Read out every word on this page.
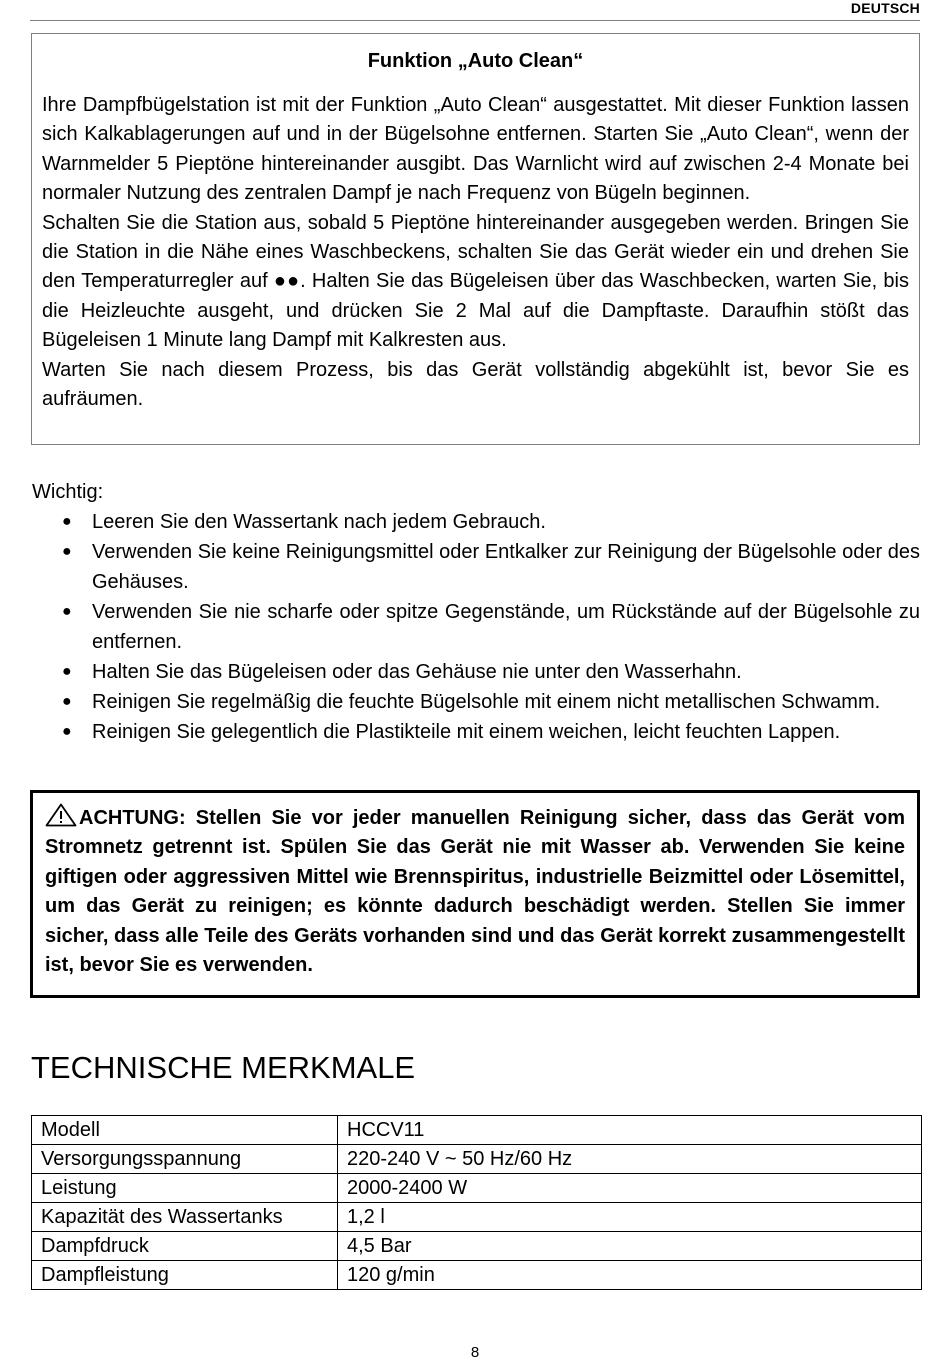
DEUTSCH
Funktion „Auto Clean“

Ihre Dampfbügelstation ist mit der Funktion „Auto Clean“ ausgestattet. Mit dieser Funktion lassen sich Kalkablagerungen auf und in der Bügelsohne entfernen. Starten Sie „Auto Clean“, wenn der Warnmelder 5 Pieptöne hintereinander ausgibt. Das Warnlicht wird auf zwischen 2-4 Monate bei normaler Nutzung des zentralen Dampf je nach Frequenz von Bügeln beginnen.

Schalten Sie die Station aus, sobald 5 Pieptöne hintereinander ausgegeben werden. Bringen Sie die Station in die Nähe eines Waschbeckens, schalten Sie das Gerät wieder ein und drehen Sie den Temperaturregler auf ●●. Halten Sie das Bügeleisen über das Waschbecken, warten Sie, bis die Heizleuchte ausgeht, und drücken Sie 2 Mal auf die Dampftaste. Daraufhin stößt das Bügeleisen 1 Minute lang Dampf mit Kalkresten aus.

Warten Sie nach diesem Prozess, bis das Gerät vollständig abgekühlt ist, bevor Sie es aufräumen.

Wichtig:

● Leeren Sie den Wassertank nach jedem Gebrauch.
● Verwenden Sie keine Reinigungsmittel oder Entkalker zur Reinigung der Bügelsohle oder des Gehäuses.
● Verwenden Sie nie scharfe oder spitze Gegenstände, um Rückstände auf der Bügelsohle zu entfernen.
● Halten Sie das Bügeleisen oder das Gehäuse nie unter den Wasserhahn.
● Reinigen Sie regelmäßig die feuchte Bügelsohle mit einem nicht metallischen Schwamm.
● Reinigen Sie gelegentlich die Plastikteile mit einem weichen, leicht feuchten Lappen.
ACHTUNG: Stellen Sie vor jeder manuellen Reinigung sicher, dass das Gerät vom Stromnetz getrennt ist. Spülen Sie das Gerät nie mit Wasser ab. Verwenden Sie keine giftigen oder aggressiven Mittel wie Brennspiritus, industrielle Beizmittel oder Lösemittel, um das Gerät zu reinigen; es könnte dadurch beschädigt werden. Stellen Sie immer sicher, dass alle Teile des Geräts vorhanden sind und das Gerät korrekt zusammengestellt ist, bevor Sie es verwenden.
TECHNISCHE MERKMALE
Modell	HCCV11
Versorgungsspannung	220-240 V ~ 50 Hz/60 Hz
Leistung	2000-2400 W
Kapazität des Wassertanks	1,2 l
Dampfdruck	4,5 Bar
Dampfleistung	120 g/min
8
